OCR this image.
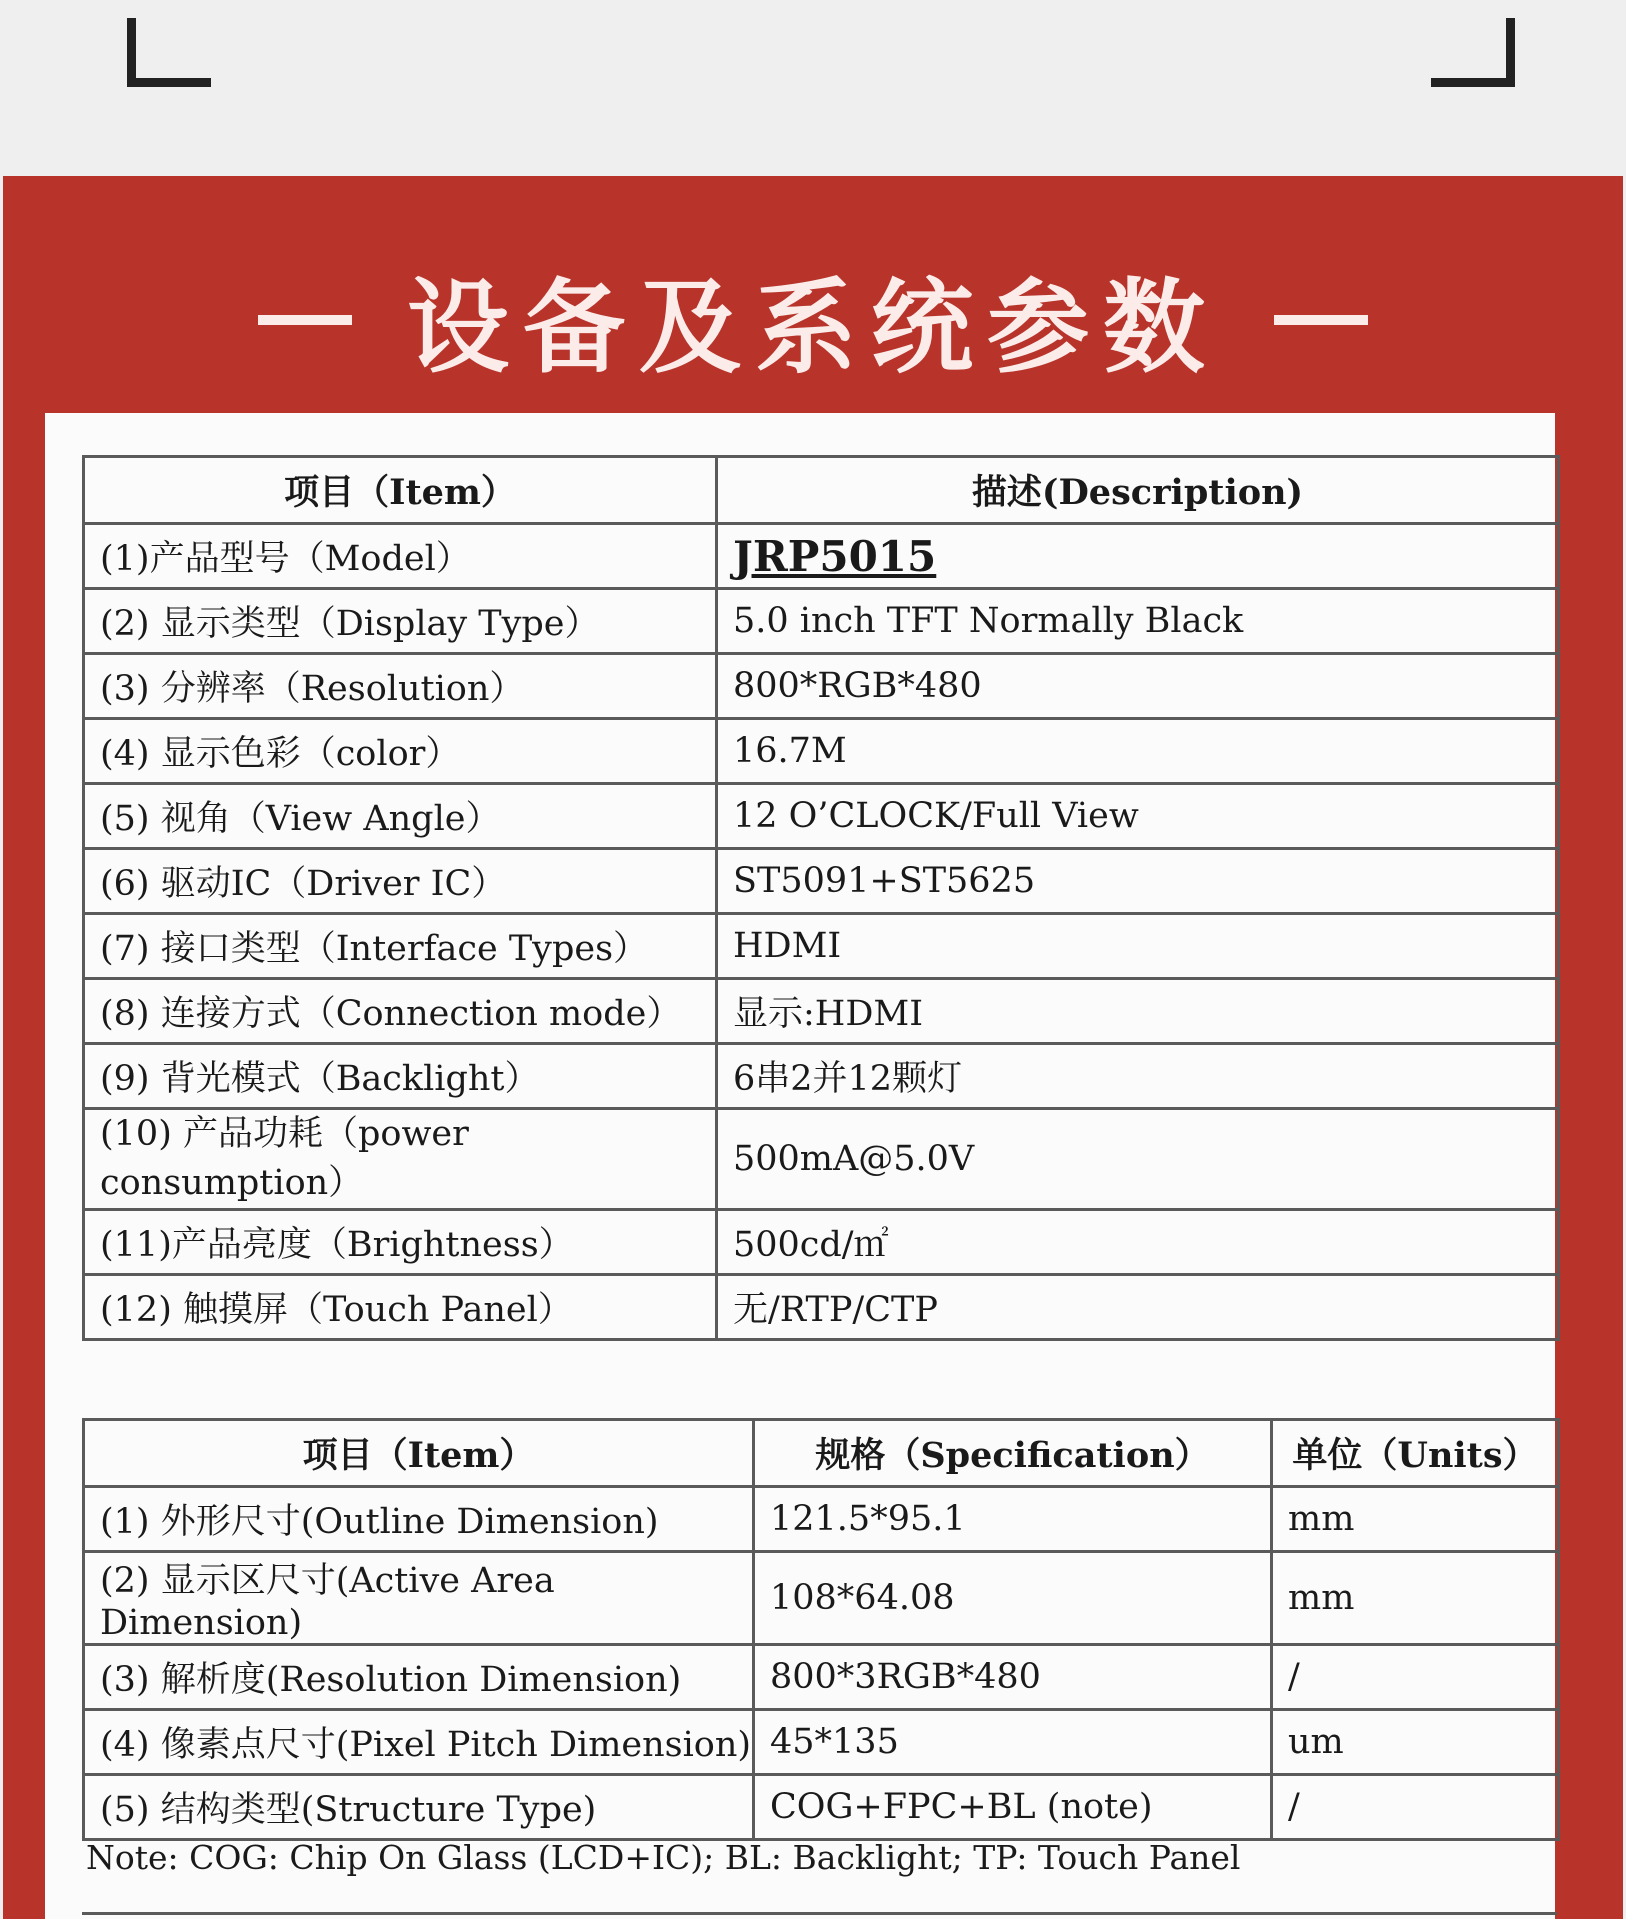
设备及系统参数
项目（Item）	描述(Description)
(1)产品型号（Model）	JRP5015
(2) 显示类型（Display Type）	5.0 inch TFT Normally Black
(3) 分辨率（Resolution）	800*RGB*480
(4) 显示色彩（color）	16.7M
(5) 视角（View Angle）	12 O’CLOCK/Full View
(6) 驱动IC（Driver IC）	ST5091+ST5625
(7) 接口类型（Interface Types）	HDMI
(8) 连接方式（Connection mode）	显示:HDMI
(9) 背光模式（Backlight）	6串2并12颗灯
(10) 产品功耗（power consumption）	500mA@5.0V
(11)产品亮度（Brightness）	500cd/㎡
(12) 触摸屏（Touch Panel）	无/RTP/CTP
项目（Item）	规格（Specification）	单位（Units）
(1) 外形尺寸(Outline Dimension)	121.5*95.1	mm
(2) 显示区尺寸(Active Area Dimension)	108*64.08	mm
(3) 解析度(Resolution Dimension)	800*3RGB*480	/
(4) 像素点尺寸(Pixel Pitch Dimension)	45*135	um
(5) 结构类型(Structure Type)	COG+FPC+BL (note)	/
Note: COG: Chip On Glass (LCD+IC); BL: Backlight; TP: Touch Panel
